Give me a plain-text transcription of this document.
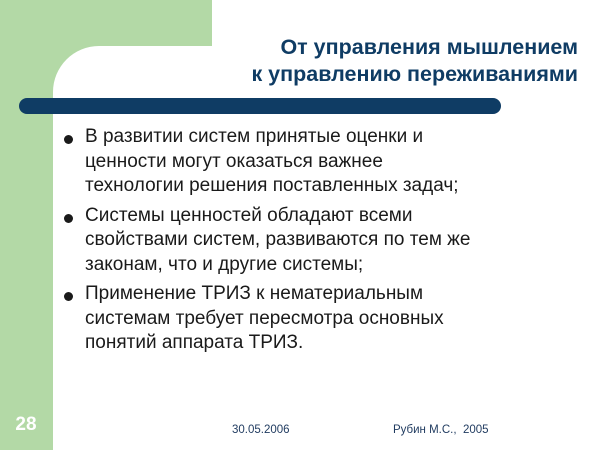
От управления мышлением
к управлению переживаниями
В развитии систем принятые оценки и
ценности могут оказаться важнее
технологии решения поставленных задач;
Системы ценностей обладают всеми
свойствами систем, развиваются по тем же
законам, что и другие системы;
Применение ТРИЗ к нематериальным
системам требует пересмотра основных
понятий аппарата ТРИЗ.
28	30.05.2006	Рубин М.С.,  2005
